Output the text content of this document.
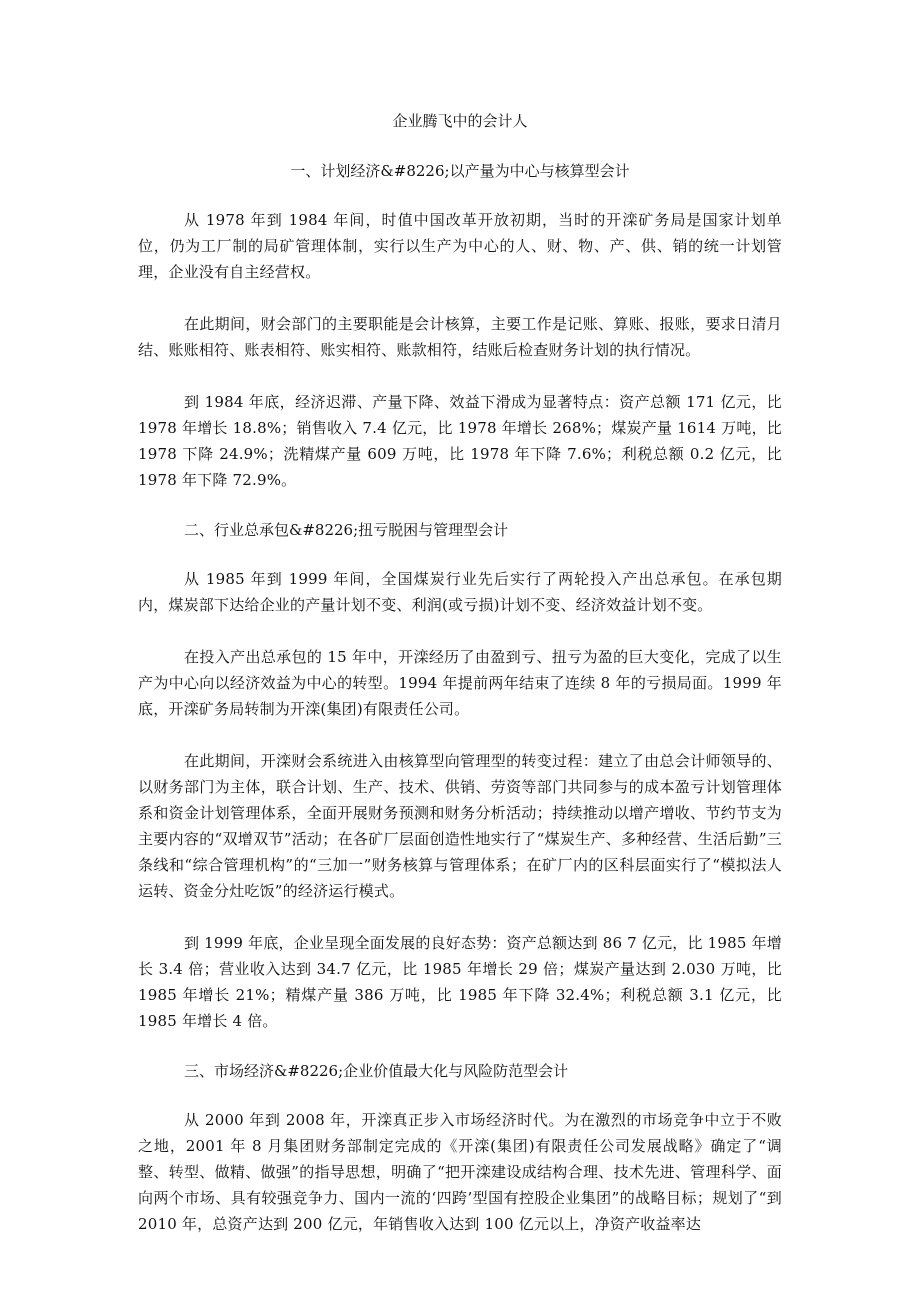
企业腾飞中的会计人
一、计划经济&#8226;以产量为中心与核算型会计

从 1978 年到 1984 年间，时值中国改革开放初期，当时的开滦矿务局是国家计划单位，仍为工厂制的局矿管理体制，实行以生产为中心的人、财、物、产、供、销的统一计划管理，企业没有自主经营权。

在此期间，财会部门的主要职能是会计核算，主要工作是记账、算账、报账，要求日清月结、账账相符、账表相符、账实相符、账款相符，结账后检查财务计划的执行情况。

到 1984 年底，经济迟滞、产量下降、效益下滑成为显著特点：资产总额 171 亿元，比 1978 年增长 18.8%；销售收入 7.4 亿元，比 1978 年增长 268%；煤炭产量 1614 万吨，比 1978 下降 24.9%；洗精煤产量 609 万吨，比 1978 年下降 7.6%；利税总额 0.2 亿元，比 1978 年下降 72.9%。

二、行业总承包&#8226;扭亏脱困与管理型会计

从 1985 年到 1999 年间，全国煤炭行业先后实行了两轮投入产出总承包。在承包期内，煤炭部下达给企业的产量计划不变、利润(或亏损)计划不变、经济效益计划不变。

在投入产出总承包的 15 年中，开滦经历了由盈到亏、扭亏为盈的巨大变化，完成了以生产为中心向以经济效益为中心的转型。1994 年提前两年结束了连续 8 年的亏损局面。1999 年底，开滦矿务局转制为开滦(集团)有限责任公司。

在此期间，开滦财会系统进入由核算型向管理型的转变过程：建立了由总会计师领导的、以财务部门为主体，联合计划、生产、技术、供销、劳资等部门共同参与的成本盈亏计划管理体系和资金计划管理体系，全面开展财务预测和财务分析活动；持续推动以增产增收、节约节支为主要内容的“双增双节”活动；在各矿厂层面创造性地实行了“煤炭生产、多种经营、生活后勤”三条线和“综合管理机构”的“三加一”财务核算与管理体系；在矿厂内的区科层面实行了“模拟法人运转、资金分灶吃饭”的经济运行模式。

到 1999 年底，企业呈现全面发展的良好态势：资产总额达到 86 7 亿元，比 1985 年增长 3.4 倍；营业收入达到 34.7 亿元，比 1985 年增长 29 倍；煤炭产量达到 2.030 万吨，比 1985 年增长 21%；精煤产量 386 万吨，比 1985 年下降 32.4%；利税总额 3.1 亿元，比 1985 年增长 4 倍。

三、市场经济&#8226;企业价值最大化与风险防范型会计

从 2000 年到 2008 年，开滦真正步入市场经济时代。为在激烈的市场竞争中立于不败之地，2001 年 8 月集团财务部制定完成的《开滦(集团)有限责任公司发展战略》确定了“调整、转型、做精、做强”的指导思想，明确了“把开滦建设成结构合理、技术先进、管理科学、面向两个市场、具有较强竞争力、国内一流的‘四跨’型国有控股企业集团”的战略目标；规划了“到 2010 年，总资产达到 200 亿元，年销售收入达到 100 亿元以上，净资产收益率达
